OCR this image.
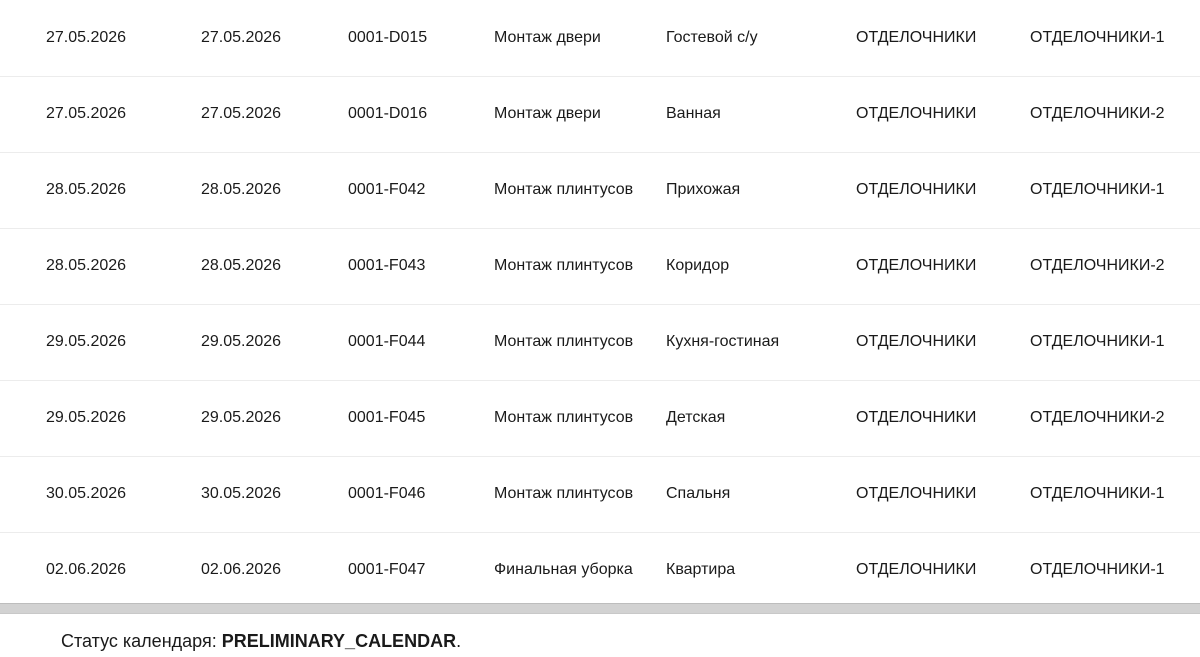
27.05.2026	27.05.2026	0001-D015	Монтаж двери	Гостевой с/у	ОТДЕЛОЧНИКИ	ОТДЕЛОЧНИКИ-1
27.05.2026	27.05.2026	0001-D016	Монтаж двери	Ванная	ОТДЕЛОЧНИКИ	ОТДЕЛОЧНИКИ-2
28.05.2026	28.05.2026	0001-F042	Монтаж плинтусов	Прихожая	ОТДЕЛОЧНИКИ	ОТДЕЛОЧНИКИ-1
28.05.2026	28.05.2026	0001-F043	Монтаж плинтусов	Коридор	ОТДЕЛОЧНИКИ	ОТДЕЛОЧНИКИ-2
29.05.2026	29.05.2026	0001-F044	Монтаж плинтусов	Кухня-гостиная	ОТДЕЛОЧНИКИ	ОТДЕЛОЧНИКИ-1
29.05.2026	29.05.2026	0001-F045	Монтаж плинтусов	Детская	ОТДЕЛОЧНИКИ	ОТДЕЛОЧНИКИ-2
30.05.2026	30.05.2026	0001-F046	Монтаж плинтусов	Спальня	ОТДЕЛОЧНИКИ	ОТДЕЛОЧНИКИ-1
02.06.2026	02.06.2026	0001-F047	Финальная уборка	Квартира	ОТДЕЛОЧНИКИ	ОТДЕЛОЧНИКИ-1
Статус календаря: PRELIMINARY_CALENDAR.
